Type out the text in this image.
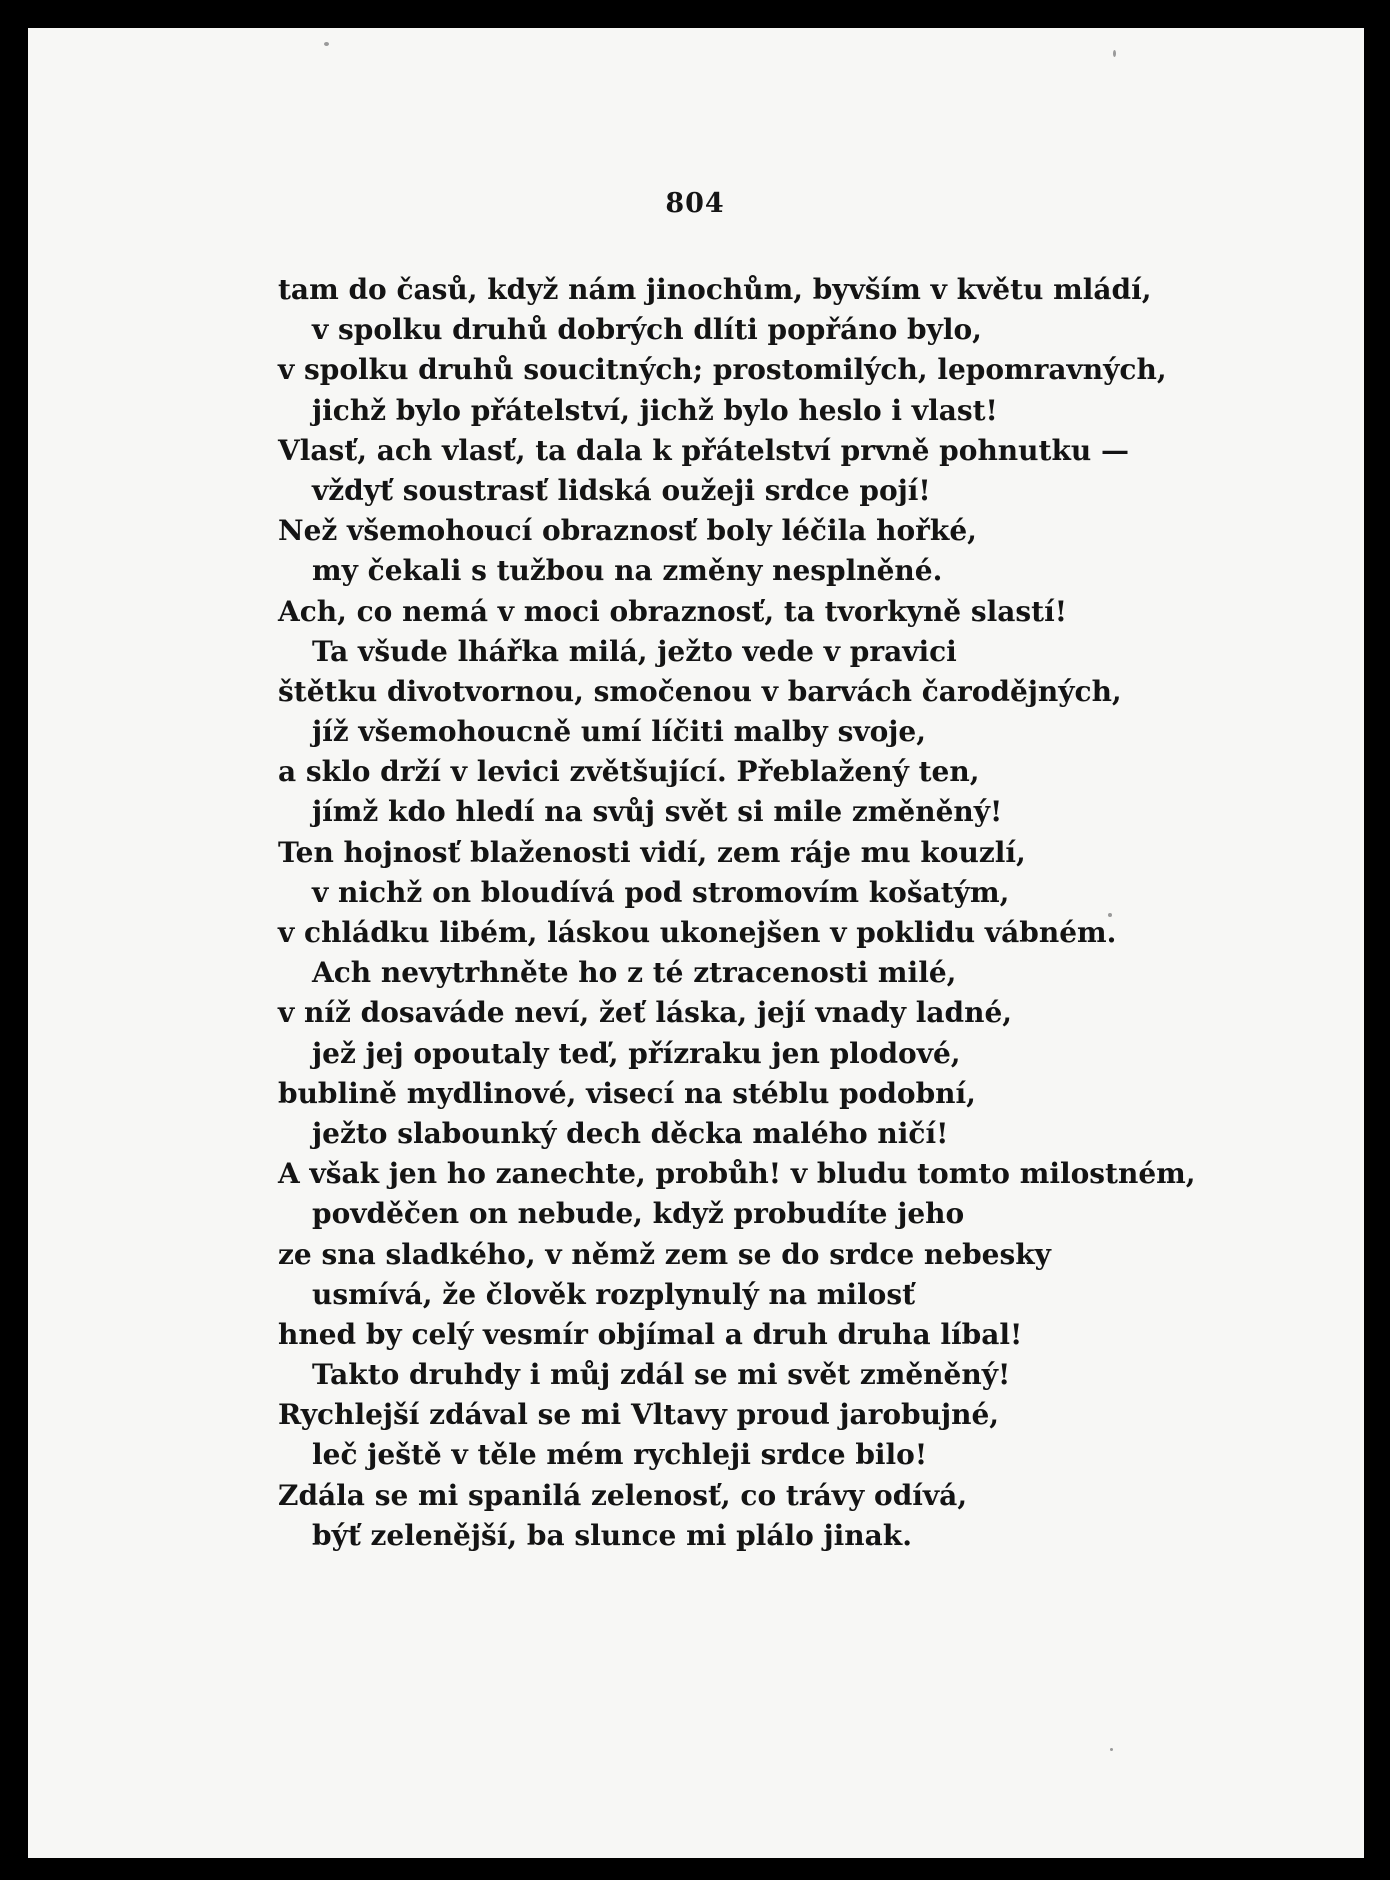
804
tam do časů, když nám jinochům, byvším v květu mládí,
v spolku druhů dobrých dlíti popřáno bylo,
v spolku druhů soucitných; prostomilých, lepomravných,
jichž bylo přátelství, jichž bylo heslo i vlast!
Vlasť, ach vlasť, ta dala k přátelství prvně pohnutku —
vždyť soustrasť lidská oužeji srdce pojí!
Než všemohoucí obraznosť boly léčila hořké,
my čekali s tužbou na změny nesplněné.
Ach, co nemá v moci obraznosť, ta tvorkyně slastí!
Ta všude lhářka milá, ježto vede v pravici
štětku divotvornou, smočenou v barvách čarodějných,
jíž všemohoucně umí líčiti malby svoje,
a sklo drží v levici zvětšující. Přeblažený ten,
jímž kdo hledí na svůj svět si mile změněný!
Ten hojnosť blaženosti vidí, zem ráje mu kouzlí,
v nichž on bloudívá pod stromovím košatým,
v chládku libém, láskou ukonejšen v poklidu vábném.
Ach nevytrhněte ho z té ztracenosti milé,
v níž dosaváde neví, žeť láska, její vnady ladné,
jež jej opoutaly teď, přízraku jen plodové,
bublině mydlinové, visecí na stéblu podobní,
ježto slabounký dech děcka malého ničí!
A však jen ho zanechte, probůh! v bludu tomto milostném,
povděčen on nebude, když probudíte jeho
ze sna sladkého, v němž zem se do srdce nebesky
usmívá, že člověk rozplynulý na milosť
hned by celý vesmír objímal a druh druha líbal!
Takto druhdy i můj zdál se mi svět změněný!
Rychlejší zdával se mi Vltavy proud jarobujné,
leč ještě v těle mém rychleji srdce bilo!
Zdála se mi spanilá zelenosť, co trávy odívá,
býť zelenější, ba slunce mi plálo jinak.
